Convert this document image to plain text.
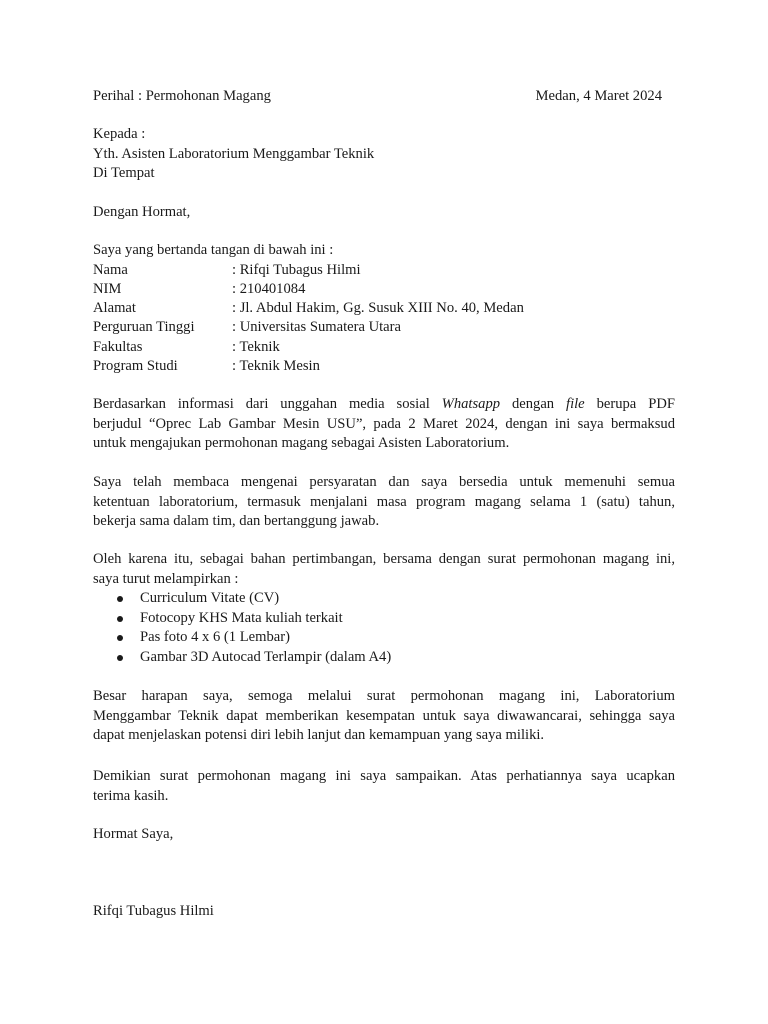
Perihal : Permohonan Magang	Medan, 4 Maret 2024
Kepada :
Yth. Asisten Laboratorium Menggambar Teknik
Di Tempat
Dengan Hormat,
Saya yang bertanda tangan di bawah ini :
Nama	: Rifqi Tubagus Hilmi
NIM	: 210401084
Alamat	: Jl. Abdul Hakim, Gg. Susuk XIII No. 40, Medan
Perguruan Tinggi	: Universitas Sumatera Utara
Fakultas	: Teknik
Program Studi	: Teknik Mesin
Berdasarkan informasi dari unggahan media sosial Whatsapp dengan file berupa PDF
berjudul “Oprec Lab Gambar Mesin USU”, pada 2 Maret 2024, dengan ini saya bermaksud
untuk mengajukan permohonan magang sebagai Asisten Laboratorium.
Saya telah membaca mengenai persyaratan dan saya bersedia untuk memenuhi semua
ketentuan laboratorium, termasuk menjalani masa program magang selama 1 (satu) tahun,
bekerja sama dalam tim, dan bertanggung jawab.
Oleh karena itu, sebagai bahan pertimbangan, bersama dengan surat permohonan magang ini,
saya turut melampirkan :
Curriculum Vitate (CV)
Fotocopy KHS Mata kuliah terkait
Pas foto 4 x 6 (1 Lembar)
Gambar 3D Autocad Terlampir (dalam A4)
Besar harapan saya, semoga melalui surat permohonan magang ini, Laboratorium
Menggambar Teknik dapat memberikan kesempatan untuk saya diwawancarai, sehingga saya
dapat menjelaskan potensi diri lebih lanjut dan kemampuan yang saya miliki.
Demikian surat permohonan magang ini saya sampaikan. Atas perhatiannya saya ucapkan
terima kasih.
Hormat Saya,
Rifqi Tubagus Hilmi
